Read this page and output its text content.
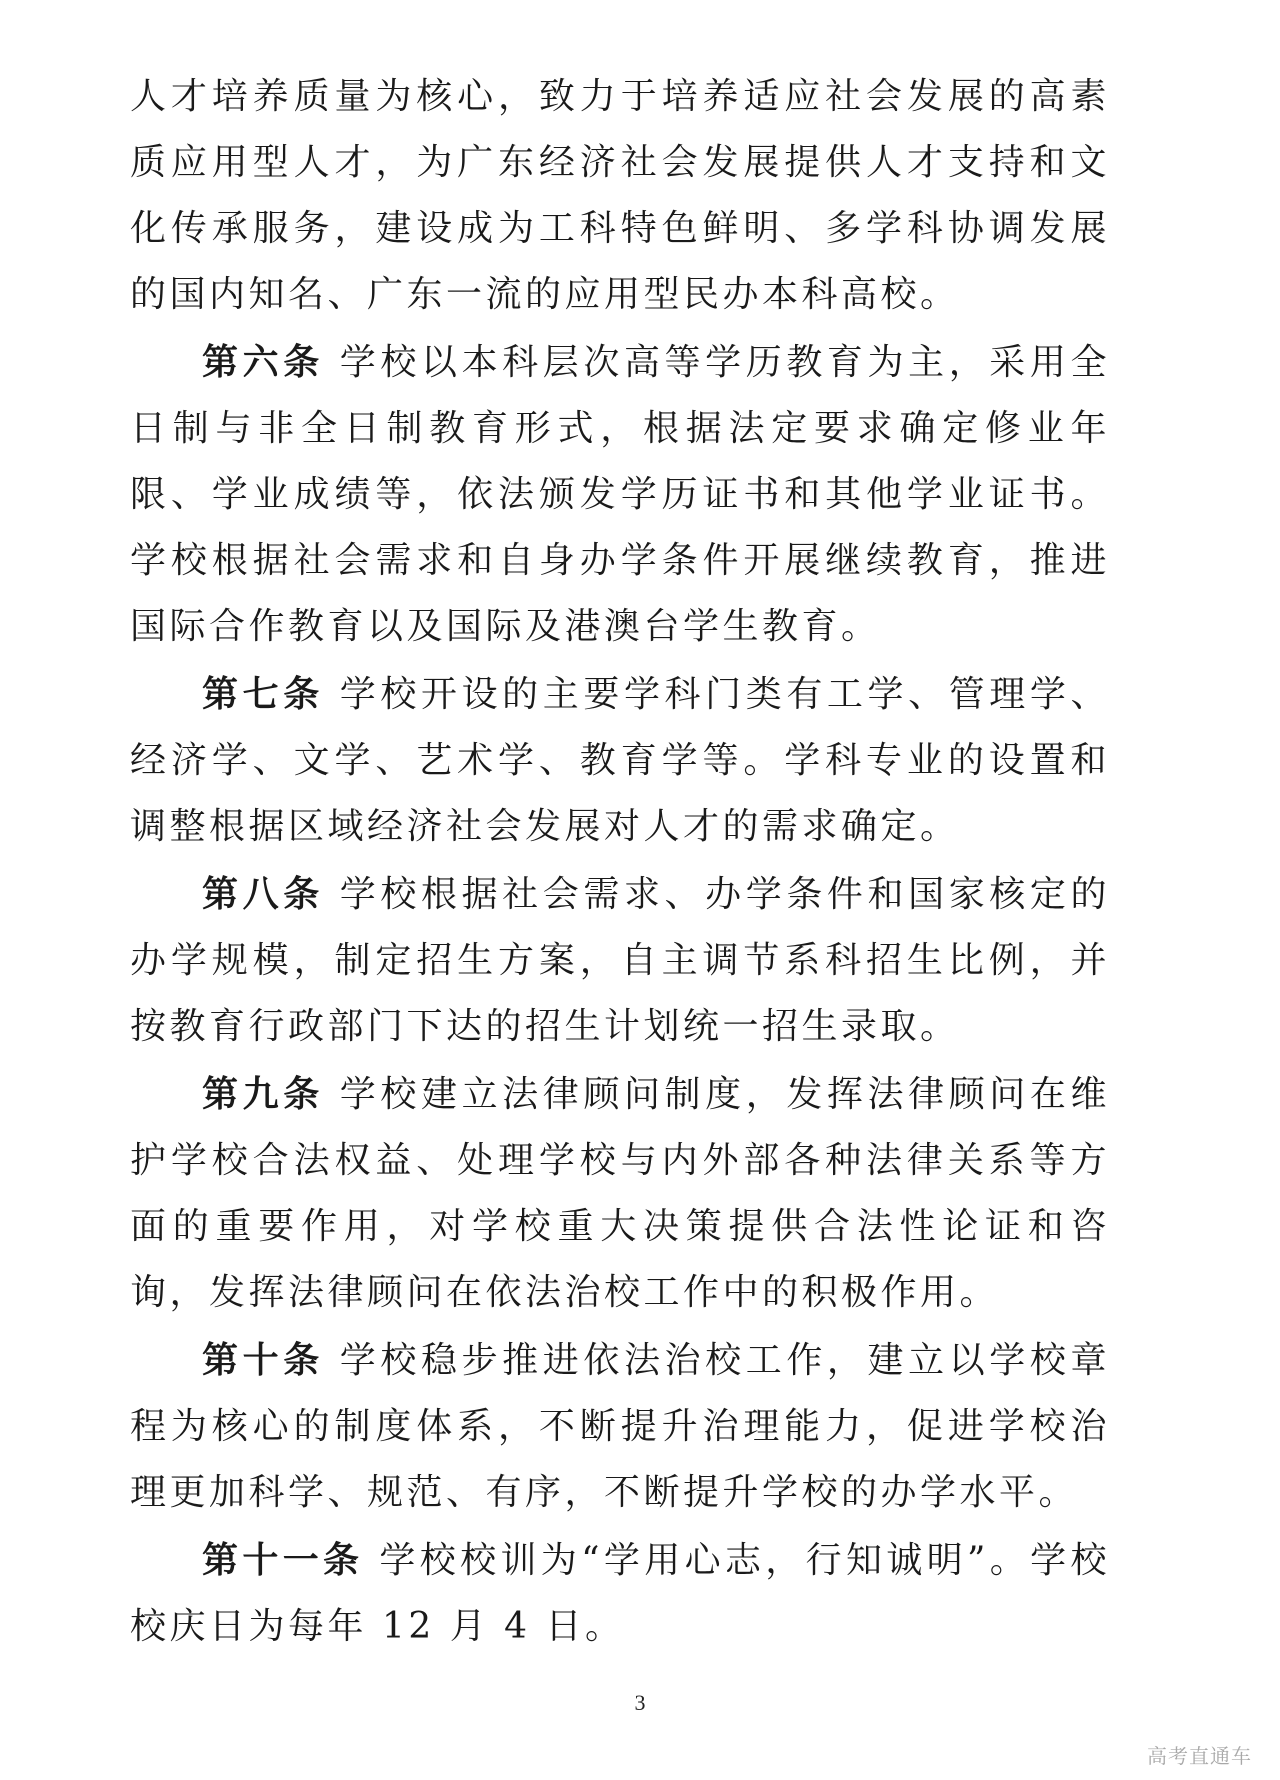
人才培养质量为核心，致力于培养适应社会发展的高素质应用型人才，为广东经济社会发展提供人才支持和文化传承服务，建设成为工科特色鲜明、多学科协调发展的国内知名、广东一流的应用型民办本科高校。

第六条 学校以本科层次高等学历教育为主，采用全日制与非全日制教育形式，根据法定要求确定修业年限、学业成绩等，依法颁发学历证书和其他学业证书。学校根据社会需求和自身办学条件开展继续教育，推进国际合作教育以及国际及港澳台学生教育。

第七条 学校开设的主要学科门类有工学、管理学、经济学、文学、艺术学、教育学等。学科专业的设置和调整根据区域经济社会发展对人才的需求确定。

第八条 学校根据社会需求、办学条件和国家核定的办学规模，制定招生方案，自主调节系科招生比例，并按教育行政部门下达的招生计划统一招生录取。

第九条 学校建立法律顾问制度，发挥法律顾问在维护学校合法权益、处理学校与内外部各种法律关系等方面的重要作用，对学校重大决策提供合法性论证和咨询，发挥法律顾问在依法治校工作中的积极作用。

第十条 学校稳步推进依法治校工作，建立以学校章程为核心的制度体系，不断提升治理能力，促进学校治理更加科学、规范、有序，不断提升学校的办学水平。

第十一条 学校校训为“学用心志，行知诚明”。学校校庆日为每年 12 月 4 日。

3
高考直通车
